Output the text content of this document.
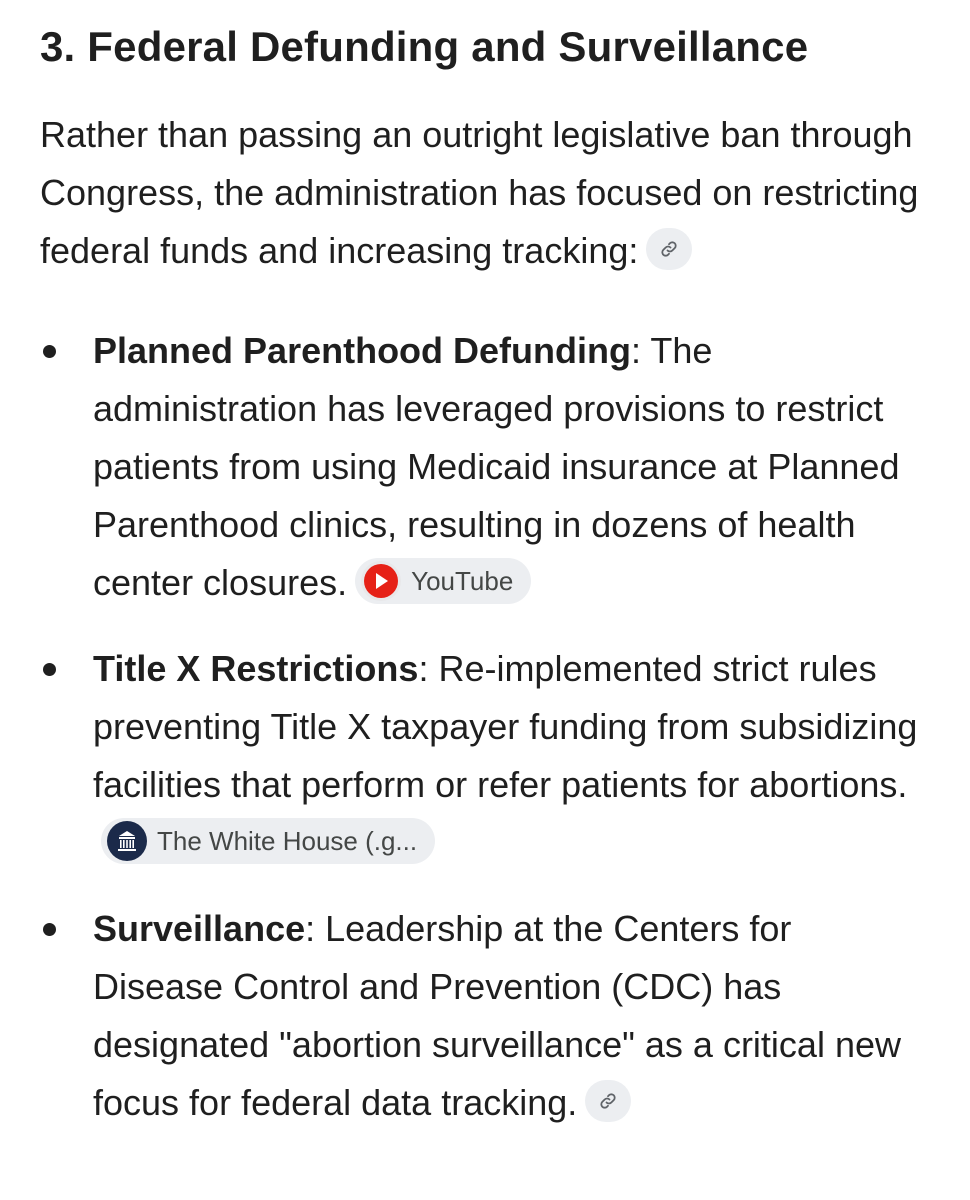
3. Federal Defunding and Surveillance

Rather than passing an outright legislative ban through Congress, the administration has focused on restricting federal funds and increasing tracking:

Planned Parenthood Defunding: The administration has leveraged provisions to restrict patients from using Medicaid insurance at Planned Parenthood clinics, resulting in dozens of health center closures. YouTube
Title X Restrictions: Re-implemented strict rules preventing Title X taxpayer funding from subsidizing facilities that perform or refer patients for abortions.
The White House (.g...
Surveillance: Leadership at the Centers for Disease Control and Prevention (CDC) has designated "abortion surveillance" as a critical new focus for federal data tracking.
